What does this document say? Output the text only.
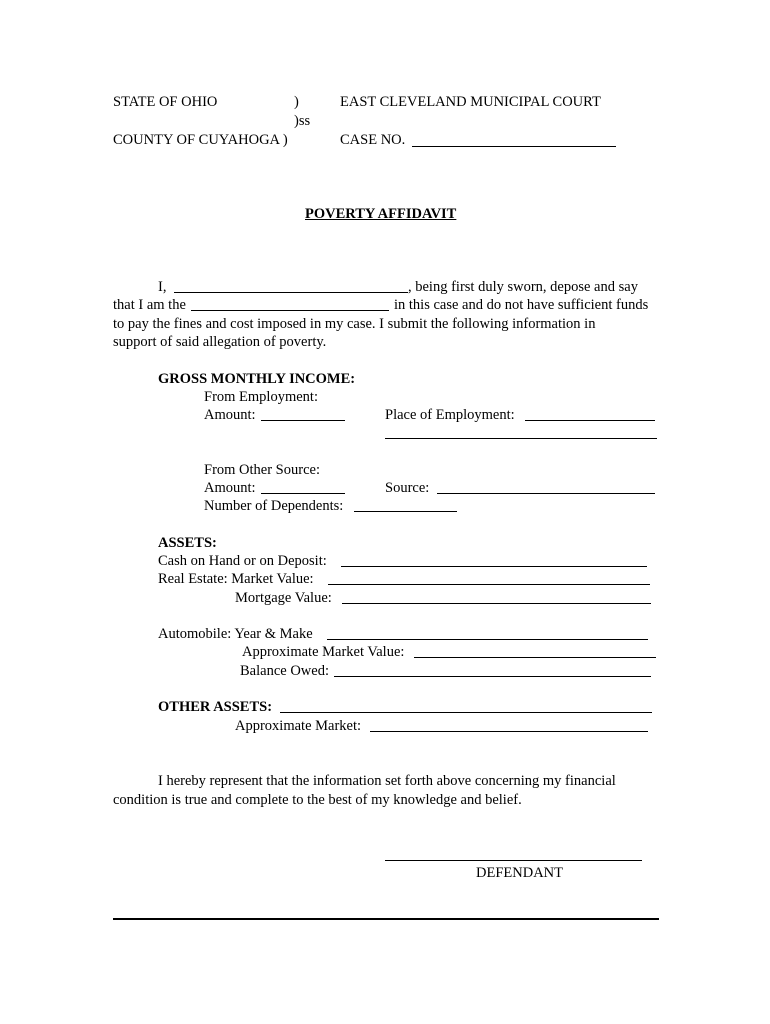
STATE OF OHIO	)
)ss
COUNTY OF CUYAHOGA )
EAST CLEVELAND MUNICIPAL COURT
CASE NO.
POVERTY AFFIDAVIT
I,	, being first duly sworn, depose and say
that I am the	in this case and do not have sufficient funds
to pay the fines and cost imposed in my case. I submit the following information in
support of said allegation of poverty.
GROSS MONTHLY INCOME:
From Employment:
Amount:	Place of Employment:
From Other Source:
Amount:	Source:
Number of Dependents:
ASSETS:
Cash on Hand or on Deposit:
Real Estate: Market Value:
Mortgage Value:
Automobile: Year & Make
Approximate Market Value:
Balance Owed:
OTHER ASSETS:
Approximate Market:
I hereby represent that the information set forth above concerning my financial
condition is true and complete to the best of my knowledge and belief.
DEFENDANT
